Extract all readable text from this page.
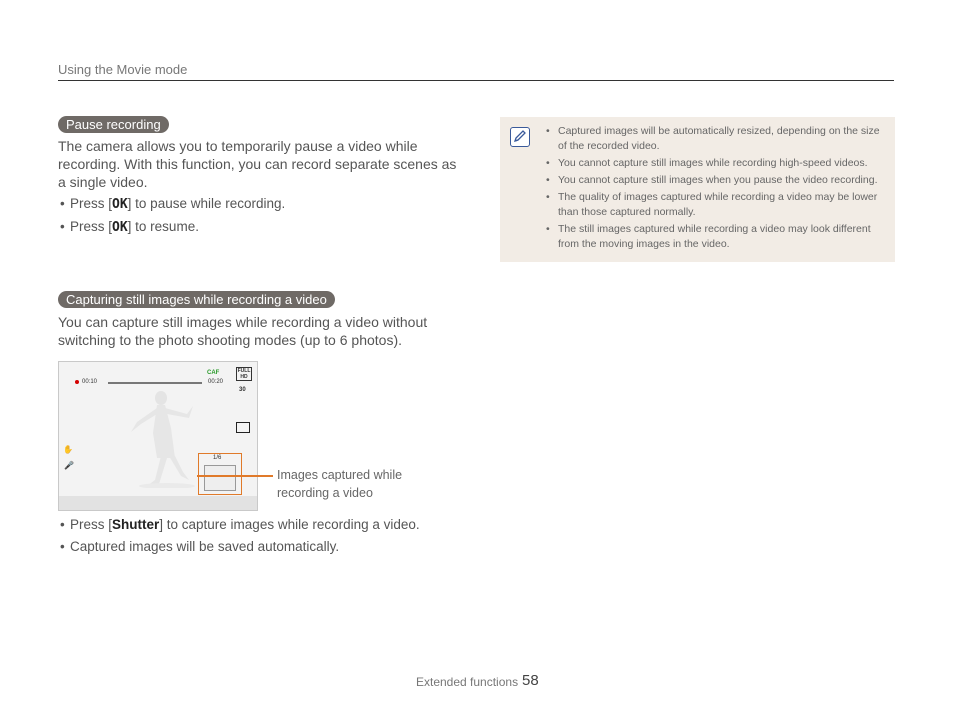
Using the Movie mode
Pause recording
The camera allows you to temporarily pause a video while recording. With this function, you can record separate scenes as a single video.
• Press [OK] to pause while recording.
• Press [OK] to resume.
• Captured images will be automatically resized, depending on the size of the recorded video.
• You cannot capture still images while recording high-speed videos.
• You cannot capture still images when you pause the video recording.
• The quality of images captured while recording a video may be lower than those captured normally.
• The still images captured while recording a video may look different from the moving images in the video.
Capturing still images while recording a video
You can capture still images while recording a video without switching to the photo shooting modes (up to 6 photos).
00:10	00:20
CAF	FULL HD
30
✋
🎤
1/6
Images captured while
recording a video
• Press [Shutter] to capture images while recording a video.
• Captured images will be saved automatically.
Extended functions 58
